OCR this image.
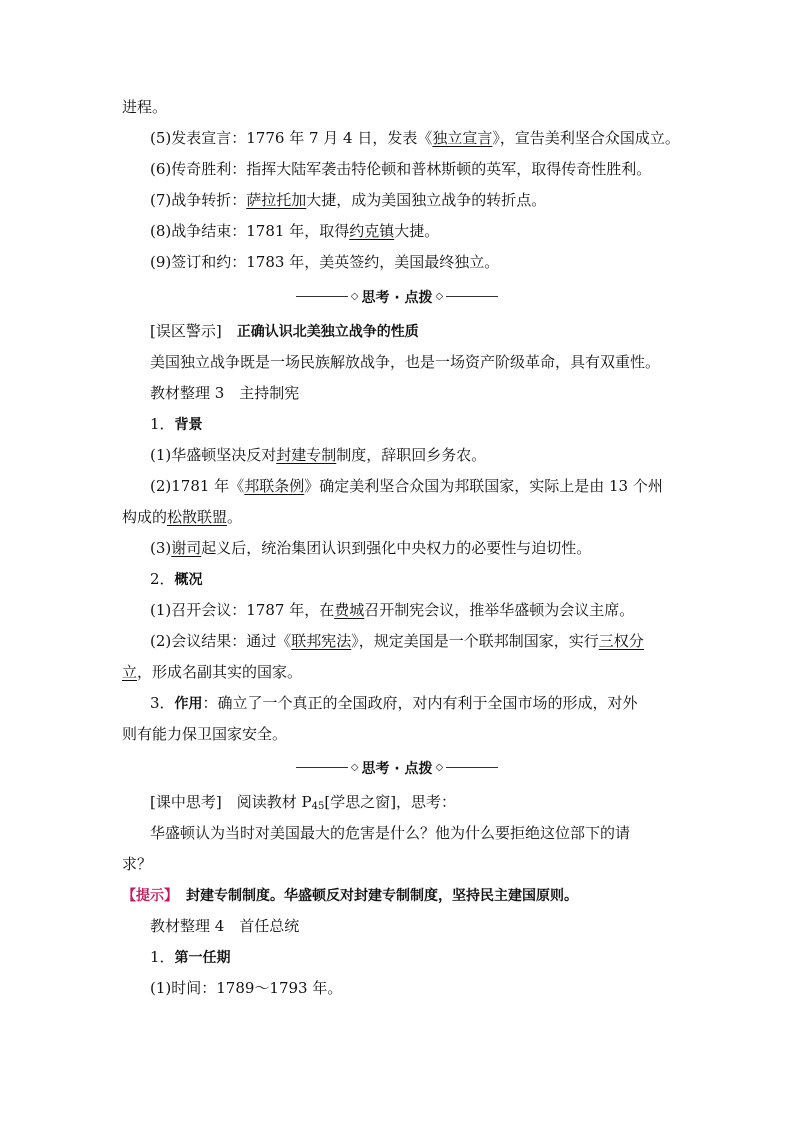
进程。
(5)发表宣言：1776 年 7 月 4 日，发表《独立宣言》，宣告美利坚合众国成立。
(6)传奇胜利：指挥大陆军袭击特伦顿和普林斯顿的英军，取得传奇性胜利。
(7)战争转折：萨拉托加大捷，成为美国独立战争的转折点。
(8)战争结束：1781 年，取得约克镇大捷。
(9)签订和约：1783 年，美英签约，美国最终独立。
◇ 思考 · 点拨 ◇
[误区警示]　 正确认识北美独立战争的性质
美国独立战争既是一场民族解放战争，也是一场资产阶级革命，具有双重性。
教材整理 3　主持制宪
1．背景
(1)华盛顿坚决反对封建专制制度，辞职回乡务农。
(2)1781 年《邦联条例》确定美利坚合众国为邦联国家，实际上是由 13 个州
构成的松散联盟。
(3)谢司起义后，统治集团认识到强化中央权力的必要性与迫切性。
2．概况
(1)召开会议：1787 年，在费城召开制宪会议，推举华盛顿为会议主席。
(2)会议结果：通过《联邦宪法》，规定美国是一个联邦制国家，实行三权分
立，形成名副其实的国家。
3．作用：确立了一个真正的全国政府，对内有利于全国市场的形成，对外
则有能力保卫国家安全。
◇ 思考 · 点拨 ◇
[课中思考]　 阅读教材 $P_{45}$[学思之窗]，思考：
华盛顿认为当时对美国最大的危害是什么？他为什么要拒绝这位部下的请
求？
【提示】　 封建专制制度。华盛顿反对封建专制制度，坚持民主建国原则。
教材整理 4　首任总统
1．第一任期
(1)时间：1789～1793 年。
